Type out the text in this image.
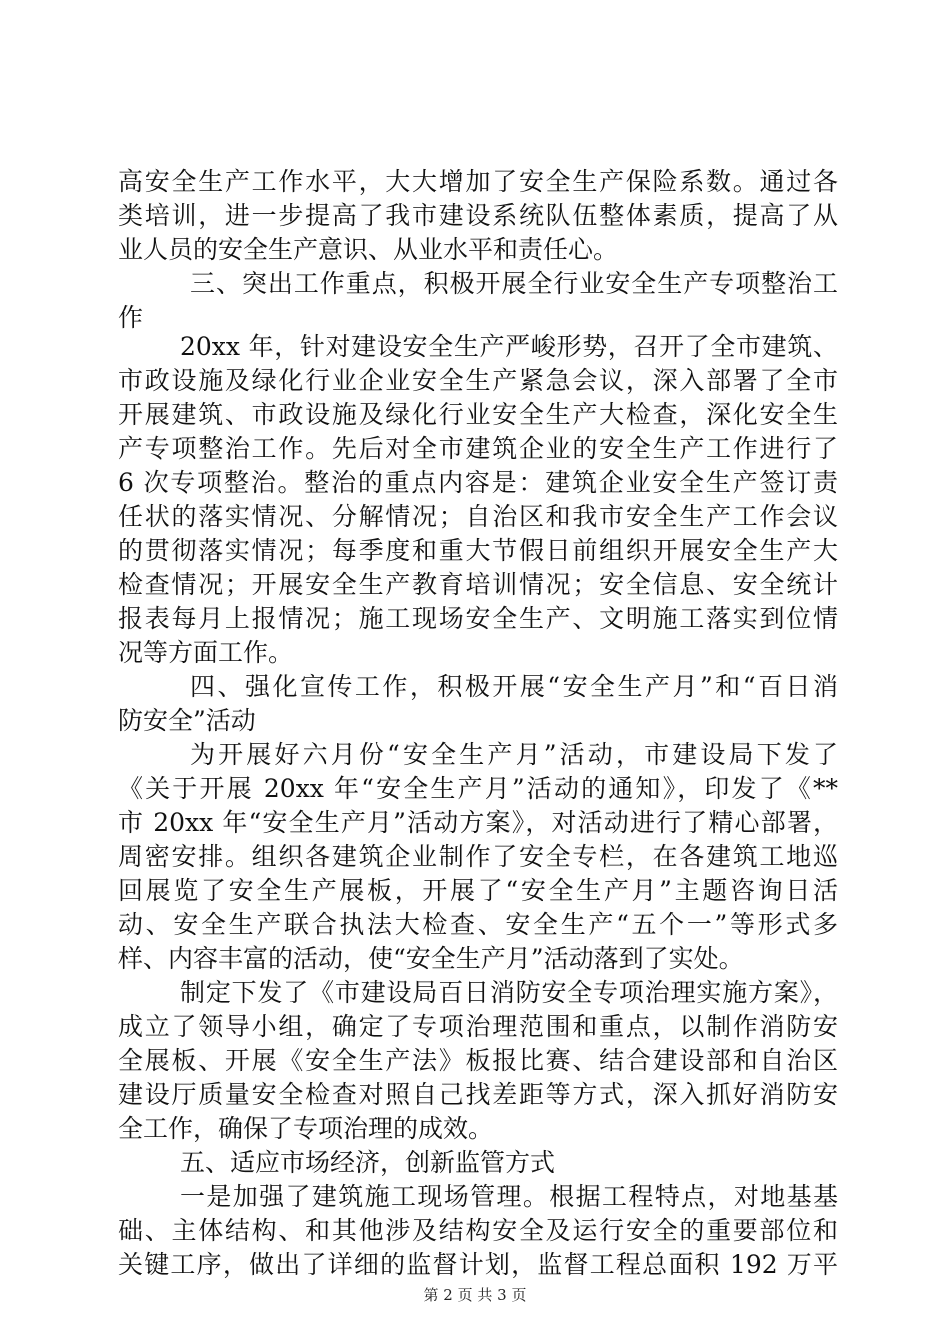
高安全生产工作水平，大大增加了安全生产保险系数。通过各
类培训，进一步提高了我市建设系统队伍整体素质，提高了从
业人员的安全生产意识、从业水平和责任心。
三、突出工作重点，积极开展全行业安全生产专项整治工
作
20xx 年，针对建设安全生产严峻形势，召开了全市建筑、
市政设施及绿化行业企业安全生产紧急会议，深入部署了全市
开展建筑、市政设施及绿化行业安全生产大检查，深化安全生
产专项整治工作。先后对全市建筑企业的安全生产工作进行了
6 次专项整治。整治的重点内容是：建筑企业安全生产签订责
任状的落实情况、分解情况；自治区和我市安全生产工作会议
的贯彻落实情况；每季度和重大节假日前组织开展安全生产大
检查情况；开展安全生产教育培训情况；安全信息、安全统计
报表每月上报情况；施工现场安全生产、文明施工落实到位情
况等方面工作。
四、强化宣传工作，积极开展“安全生产月”和“百日消
防安全”活动
为开展好六月份“安全生产月”活动，市建设局下发了
《关于开展 20xx 年“安全生产月”活动的通知》，印发了《**
市 20xx 年“安全生产月”活动方案》，对活动进行了精心部署，
周密安排。组织各建筑企业制作了安全专栏，在各建筑工地巡
回展览了安全生产展板，开展了“安全生产月”主题咨询日活
动、安全生产联合执法大检查、安全生产“五个一”等形式多
样、内容丰富的活动，使“安全生产月”活动落到了实处。
制定下发了《市建设局百日消防安全专项治理实施方案》，
成立了领导小组，确定了专项治理范围和重点，以制作消防安
全展板、开展《安全生产法》板报比赛、结合建设部和自治区
建设厅质量安全检查对照自己找差距等方式，深入抓好消防安
全工作，确保了专项治理的成效。
五、适应市场经济，创新监管方式
一是加强了建筑施工现场管理。根据工程特点，对地基基
础、主体结构、和其他涉及结构安全及运行安全的重要部位和
关键工序，做出了详细的监督计划，监督工程总面积 192 万平
第 2 页 共 3 页
